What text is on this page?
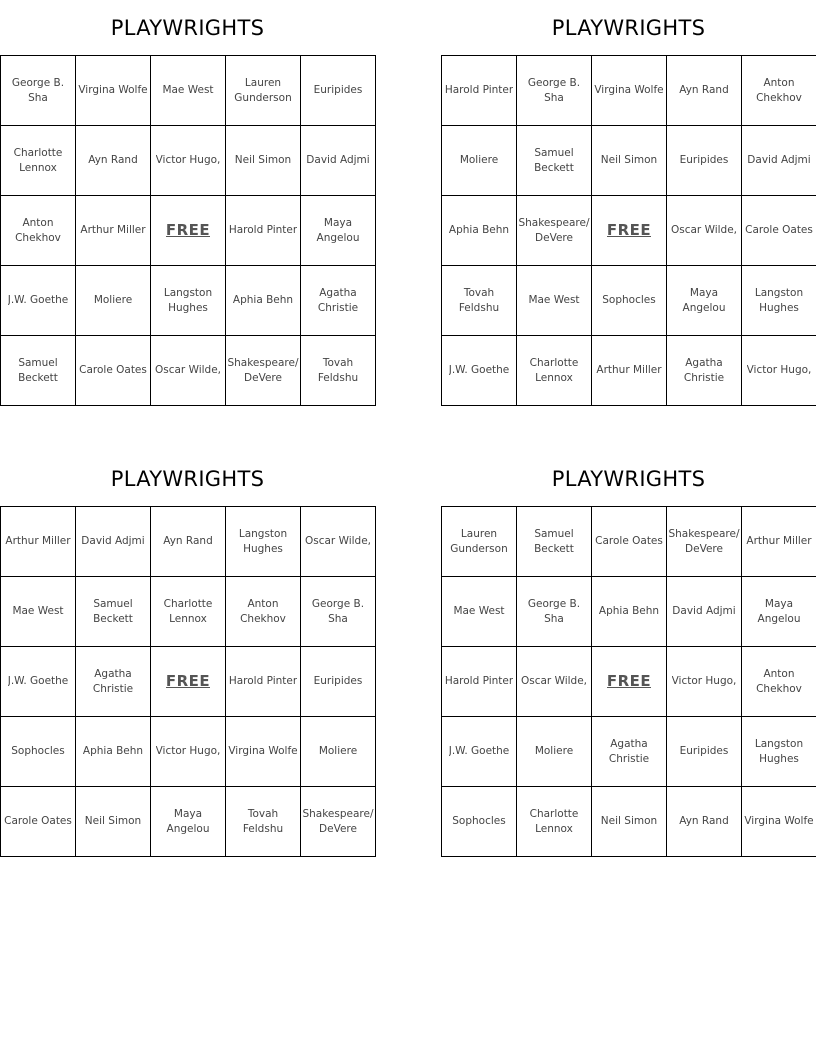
PLAYWRIGHTS
George B. Sha
Virgina Wolfe Mae West
Lauren Gunderson
Euripides
Charlotte Lennox
Ayn Rand Victor Hugo, Neil Simon David Adjmi
Anton Chekhov
Arthur Miller FREE Harold Pinter
Maya Angelou
J.W. Goethe Moliere
Langston Hughes
Aphia Behn
Agatha Christie
Samuel Beckett
Carole Oates Oscar Wilde,
Shakespeare/ DeVere
Tovah Feldshu
PLAYWRIGHTS
Harold Pinter
George B. Sha
Virgina Wolfe Ayn Rand
Anton Chekhov
Moliere
Samuel Beckett
Neil Simon Euripides David Adjmi
Aphia Behn
Shakespeare/ DeVere	FREE Oscar Wilde, Carole Oates
Tovah Feldshu
Mae West Sophocles
Maya Angelou
Langston Hughes
J.W. Goethe
Charlotte Lennox
Arthur Miller
Agatha Christie
Victor Hugo,
PLAYWRIGHTS
Arthur Miller David Adjmi Ayn Rand
Langston Hughes
Oscar Wilde,
Mae West
Samuel Beckett
Charlotte Lennox
Anton Chekhov
George B. Sha
J.W. Goethe
Agatha Christie	FREE Harold Pinter Euripides
Sophocles Aphia Behn Victor Hugo, Virgina Wolfe Moliere
Carole Oates Neil Simon
Maya Angelou
Tovah Feldshu
Shakespeare/ DeVere
PLAYWRIGHTS
Lauren Gunderson
Samuel Beckett
Carole Oates
Shakespeare/ DeVere
Arthur Miller
Mae West
George B. Sha
Aphia Behn David Adjmi
Maya Angelou
Harold Pinter Oscar Wilde, FREE Victor Hugo,
Anton Chekhov
J.W. Goethe Moliere
Agatha Christie
Euripides
Langston Hughes
Sophocles
Charlotte Lennox
Neil Simon Ayn Rand Virgina Wolfe
